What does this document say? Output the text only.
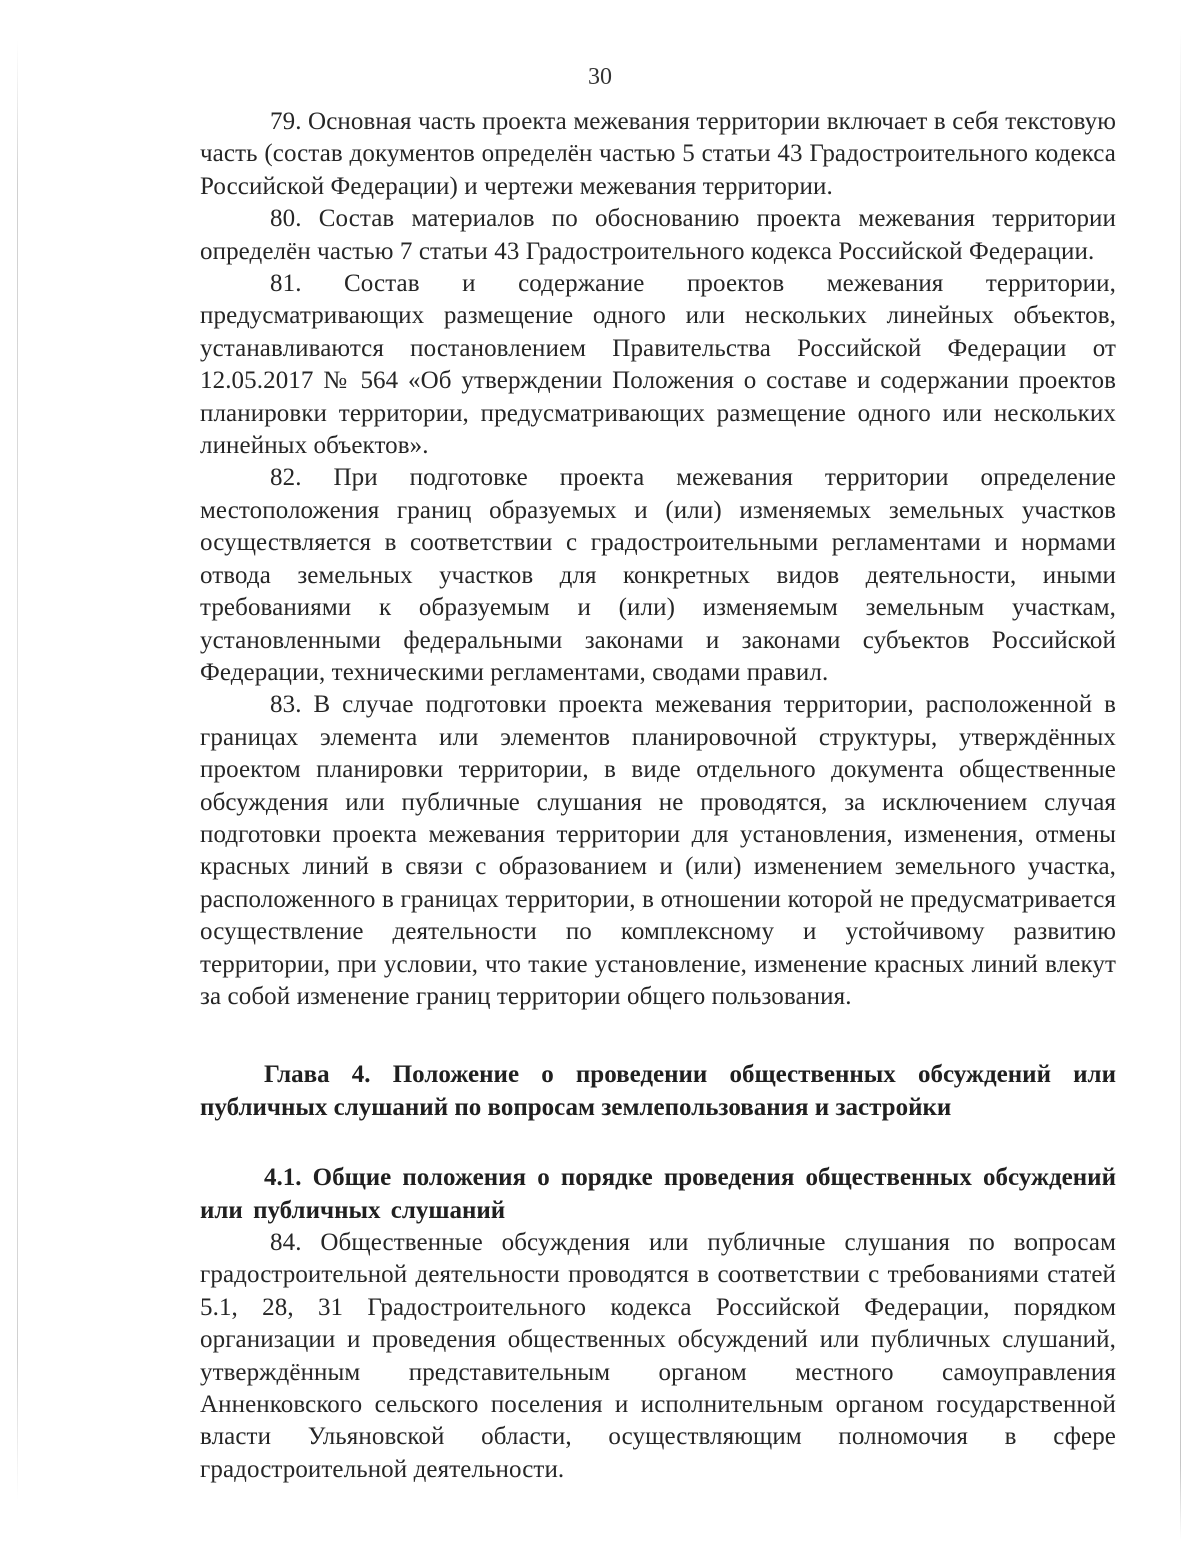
30

79. Основная часть проекта межевания территории включает в себя текстовую часть (состав документов определён частью 5 статьи 43 Градостроительного кодекса Российской Федерации) и чертежи межевания территории.

80. Состав материалов по обоснованию проекта межевания территории определён частью 7 статьи 43 Градостроительного кодекса Российской Федерации.

81. Состав и содержание проектов межевания территории, предусматривающих размещение одного или нескольких линейных объектов, устанавливаются постановлением Правительства Российской Федерации от 12.05.2017 № 564 «Об утверждении Положения о составе и содержании проектов планировки территории, предусматривающих размещение одного или нескольких линейных объектов».

82. При подготовке проекта межевания территории определение местоположения границ образуемых и (или) изменяемых земельных участков осуществляется в соответствии с градостроительными регламентами и нормами отвода земельных участков для конкретных видов деятельности, иными требованиями к образуемым и (или) изменяемым земельным участкам, установленными федеральными законами и законами субъектов Российской Федерации, техническими регламентами, сводами правил.

83. В случае подготовки проекта межевания территории, расположенной в границах элемента или элементов планировочной структуры, утверждённых проектом планировки территории, в виде отдельного документа общественные обсуждения или публичные слушания не проводятся, за исключением случая подготовки проекта межевания территории для установления, изменения, отмены красных линий в связи с образованием и (или) изменением земельного участка, расположенного в границах территории, в отношении которой не предусматривается осуществление деятельности по комплексному и устойчивому развитию территории, при условии, что такие установление, изменение красных линий влекут за собой изменение границ территории общего пользования.

Глава 4. Положение о проведении общественных обсуждений или публичных слушаний по вопросам землепользования и застройки
4.1. Общие положения о порядке проведения общественных обсуждений или публичных слушаний

84. Общественные обсуждения или публичные слушания по вопросам градостроительной деятельности проводятся в соответствии с требованиями статей 5.1, 28, 31 Градостроительного кодекса Российской Федерации, порядком организации и проведения общественных обсуждений или публичных слушаний, утверждённым представительным органом местного самоуправления Анненковского сельского поселения и исполнительным органом государственной власти Ульяновской области, осуществляющим полномочия в сфере градостроительной деятельности.
